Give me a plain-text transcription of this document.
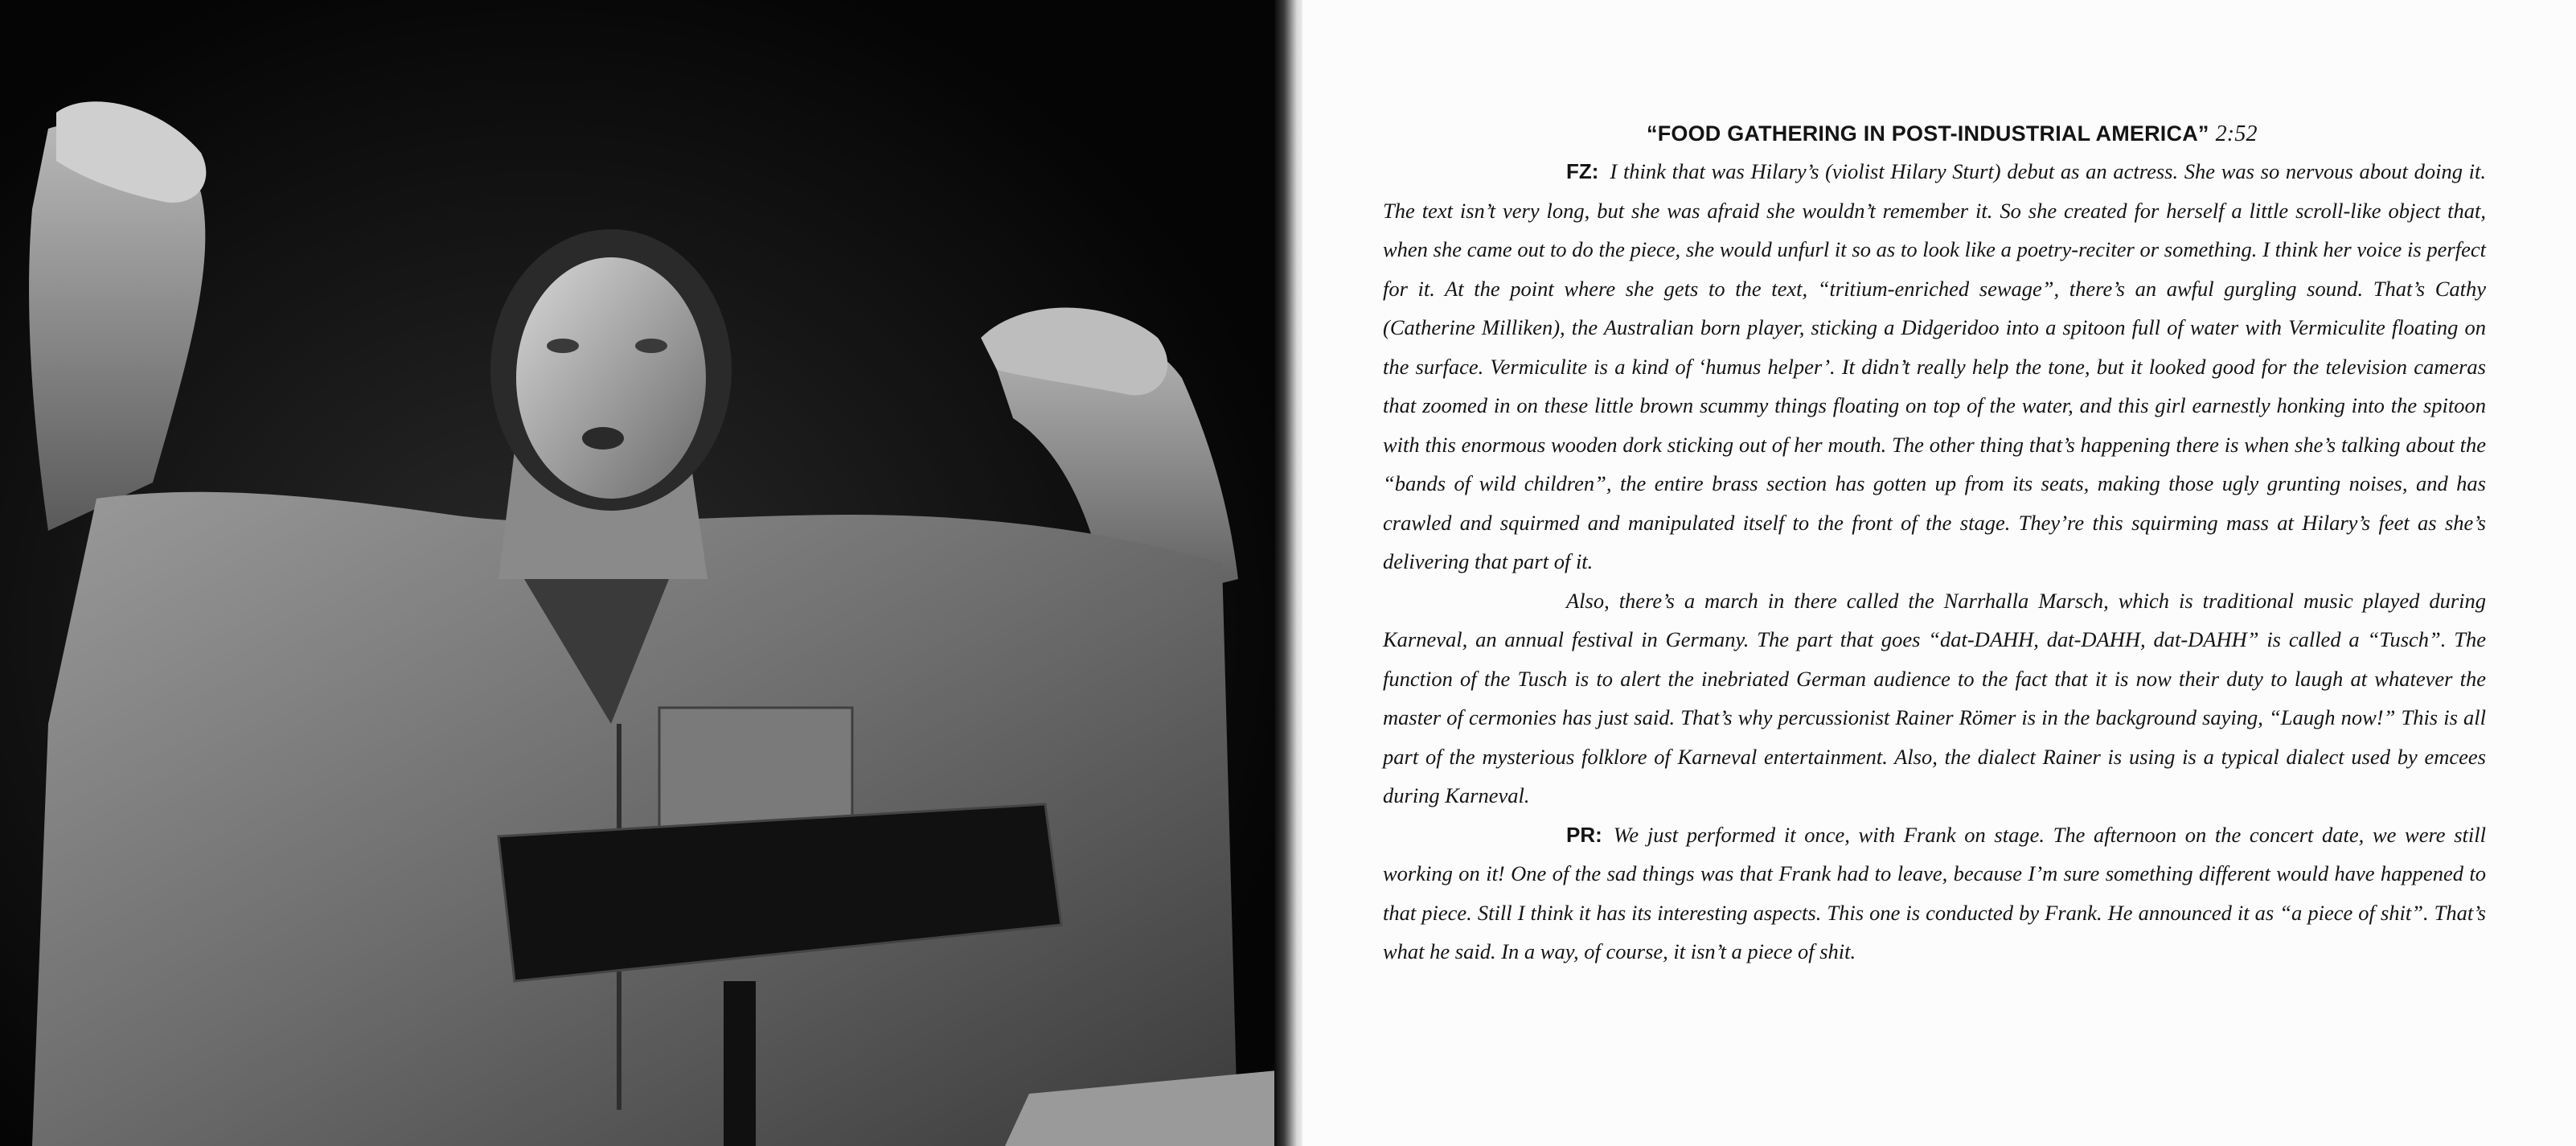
“FOOD GATHERING IN POST-INDUSTRIAL AMERICA” 2:52

FZ: I think that was Hilary’s (violist Hilary Sturt) debut as an actress. She was so nervous about doing it. The text isn’t very long, but she was afraid she wouldn’t remember it. So she created for herself a little scroll-like object that, when she came out to do the piece, she would unfurl it so as to look like a poetry-reciter or something. I think her voice is perfect for it. At the point where she gets to the text, “tritium-enriched sewage”, there’s an awful gurgling sound. That’s Cathy (Catherine Milliken), the Australian born player, sticking a Didgeridoo into a spitoon full of water with Vermiculite floating on the surface. Vermiculite is a kind of ‘humus helper’. It didn’t really help the tone, but it looked good for the television cameras that zoomed in on these little brown scummy things floating on top of the water, and this girl earnestly honking into the spitoon with this enormous wooden dork sticking out of her mouth. The other thing that’s happening there is when she’s talking about the “bands of wild children”, the entire brass section has gotten up from its seats, making those ugly grunting noises, and has crawled and squirmed and manipulated itself to the front of the stage. They’re this squirming mass at Hilary’s feet as she’s delivering that part of it.

Also, there’s a march in there called the Narrhalla Marsch, which is traditional music played during Karneval, an annual festival in Germany. The part that goes “dat-DAHH, dat-DAHH, dat-DAHH” is called a “Tusch”. The function of the Tusch is to alert the inebriated German audience to the fact that it is now their duty to laugh at whatever the master of cermonies has just said. That’s why percussionist Rainer Römer is in the background saying, “Laugh now!” This is all part of the mysterious folklore of Karneval entertainment. Also, the dialect Rainer is using is a typical dialect used by emcees during Karneval.

PR: We just performed it once, with Frank on stage. The afternoon on the concert date, we were still working on it! One of the sad things was that Frank had to leave, because I’m sure something different would have happened to that piece. Still I think it has its interesting aspects. This one is conducted by Frank. He announced it as “a piece of shit”. That’s what he said. In a way, of course, it isn’t a piece of shit.
